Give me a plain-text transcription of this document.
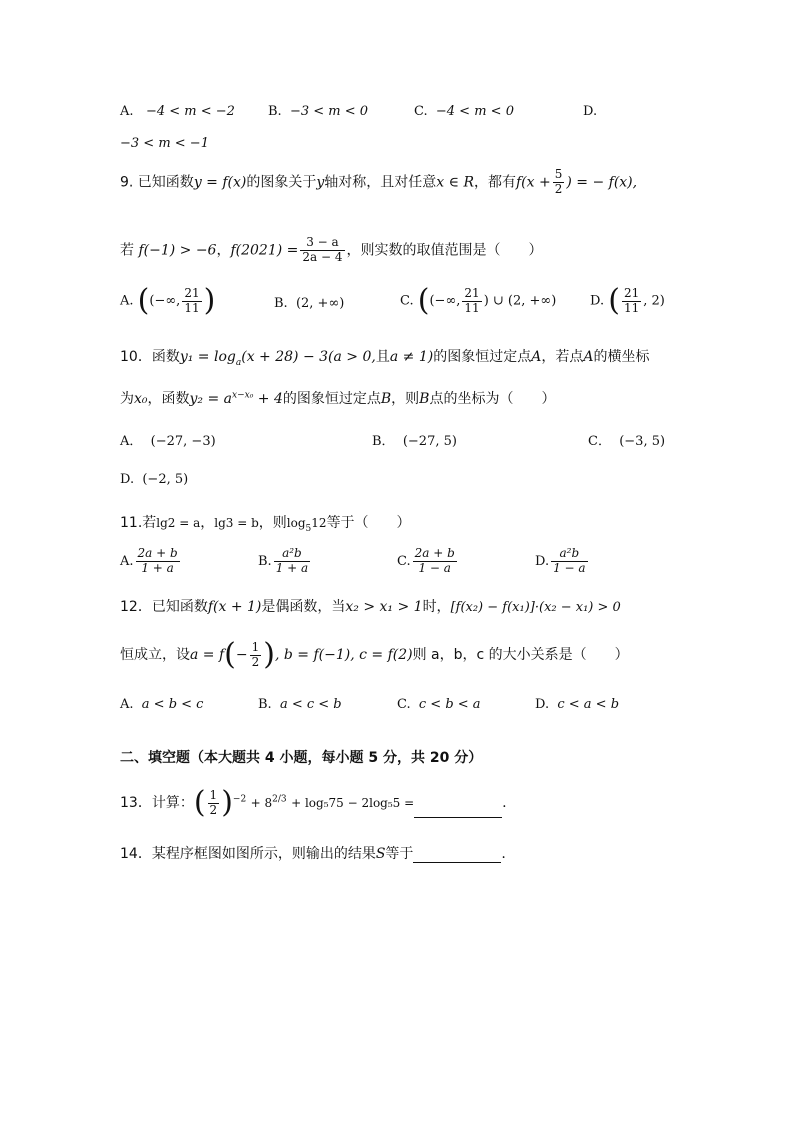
A. −4 < m < −2	B. −3 < m < 0	C. −4 < m < 0	D.
−3 < m < −1
9. 已知函数y = f(x)的图象关于y轴对称，且对任意x ∈ R，都有$f(x + \frac{5}{2}$ ) = − f(x),
若 f(−1) > −6，$f(2021) = \frac{3 - a}{2a - 4}$ ，则实数的取值范围是（　　）
A. ((−∞, $\frac{21}{11}$ )	B. (2, +∞)	C. ((−∞, $\frac{21}{11}$ ) ∪ (2, +∞)	D. ( $\frac{21}{11}$ , 2)
10．函数$y_1 = \log_a(x + 28) - 3(a > 0$,且a ≠ 1)的图象恒过定点A，若点A的横坐标
为x₀，函数$y_2 = a^{x-x_0} + 4$的图象恒过定点B，则B点的坐标为（　　）
A． (−27, −3)	B． (−27, 5)	C． (−3, 5)
D. (−2, 5)
11.若lg2 = a，lg3 = b，则$\log_512$等于（　　）
A. $\frac{2a + b}{1 + a}$	B. $\frac{\text{a²b}}{1 + a}$	C. $\frac{2a + b}{1 - a}$	D. $\frac{\text{a²b}}{1 - a}$
12．已知函数f(x + 1)是偶函数，当x₂ > x₁ > 1时，[f(x₂) − f(x₁)]·(x₂ − x₁) > 0
恒成立，设$a = f(- \frac{1}{2}$ ), b = f(−1), c = f(2)则 a，b，c 的大小关系是（　　）
A. a < b < c	B. a < c < b	C. c < b < a	D. c < a < b
二、填空题（本大题共 4 小题，每小题 5 分，共 20 分）
13．计算：( $\frac{1}{2} )^{-2} + 8^{2/3} + \log_575 - 2\log_55$ =	.
14．某程序框图如图所示，则输出的结果S等于	.
